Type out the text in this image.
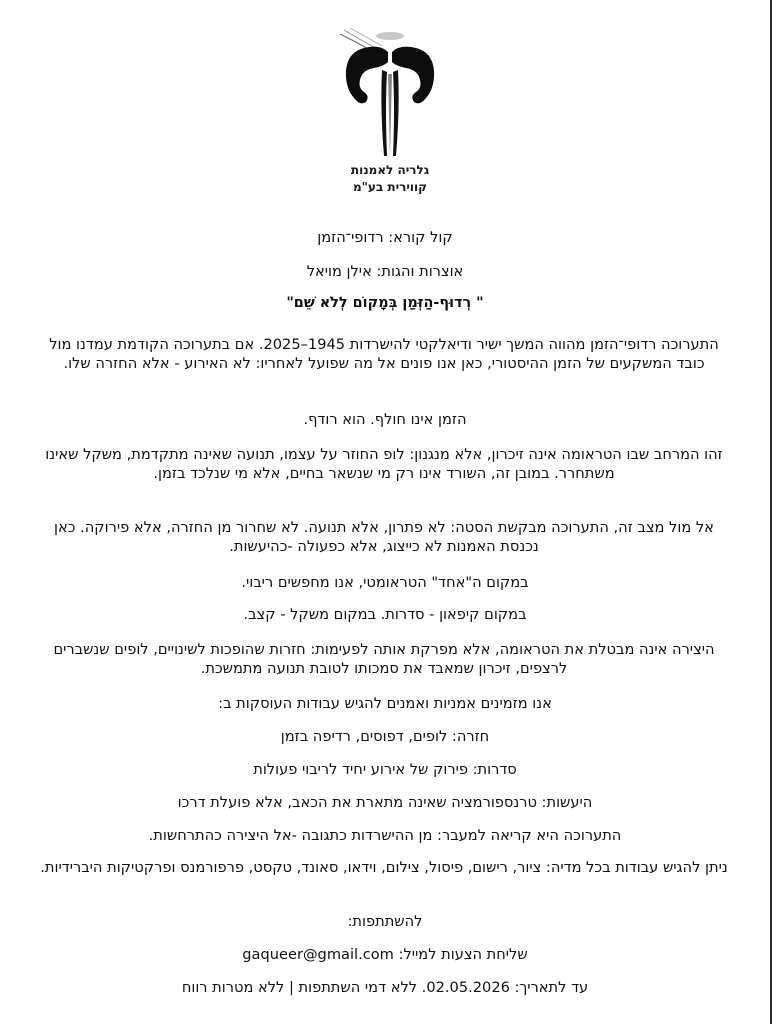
גלריה לאמנות
קווירית בע"מ
קול קורא: רדופי־הזמן
אוצרות והגות: אילן מויאל
" רְדוּף-הַזְּמַן בְּמָקוֹם לְלֹא שֵׁם"
התערוכה רדופי־הזמן מהווה המשך ישיר ודיאלקטי להישרדות 1945–2025. אם בתערוכה הקודמת עמדנו מול כובד המשקעים של הזמן ההיסטורי, כאן אנו פונים אל מה שפועל לאחריו: לא האירוע - אלא החזרה שלו.
הזמן אינו חולף. הוא רודף.
זהו המרחב שבו הטראומה אינה זיכרון, אלא מנגנון: לופ החוזר על עצמו, תנועה שאינה מתקדמת, משקל שאינו משתחרר. במובן זה, השורד אינו רק מי שנשאר בחיים, אלא מי שנלכד בזמן.
אל מול מצב זה, התערוכה מבקשת הסטה: לא פתרון, אלא תנועה. לא שחרור מן החזרה, אלא פירוקה. כאן נכנסת האמנות לא כייצוג, אלא כפעולה -כהיעשות.
במקום ה"אחד" הטראומטי, אנו מחפשים ריבוי.
במקום קיפאון - סדרות. במקום משקל - קצב.
היצירה אינה מבטלת את הטראומה, אלא מפרקת אותה לפעימות: חזרות שהופכות לשינויים, לופים שנשברים לרצפים, זיכרון שמאבד את סמכותו לטובת תנועה מתמשכת.
אנו מזמינים אמניות ואמנים להגיש עבודות העוסקות ב:
חזרה: לופים, דפוסים, רדיפה בזמן
סדרות: פירוק של אירוע יחיד לריבוי פעולות
היעשות: טרנספורמציה שאינה מתארת את הכאב, אלא פועלת דרכו
התערוכה היא קריאה למעבר: מן ההישרדות כתגובה -אל היצירה כהתרחשות.
ניתן להגיש עבודות בכל מדיה: ציור, רישום, פיסול, צילום, וידאו, סאונד, טקסט, פרפורמנס ופרקטיקות היברידיות.
להשתתפות:
שליחת הצעות למייל: gaqueer@gmail.com
עד לתאריך: 02.05.2026. ללא דמי השתתפות | ללא מטרות רווח
